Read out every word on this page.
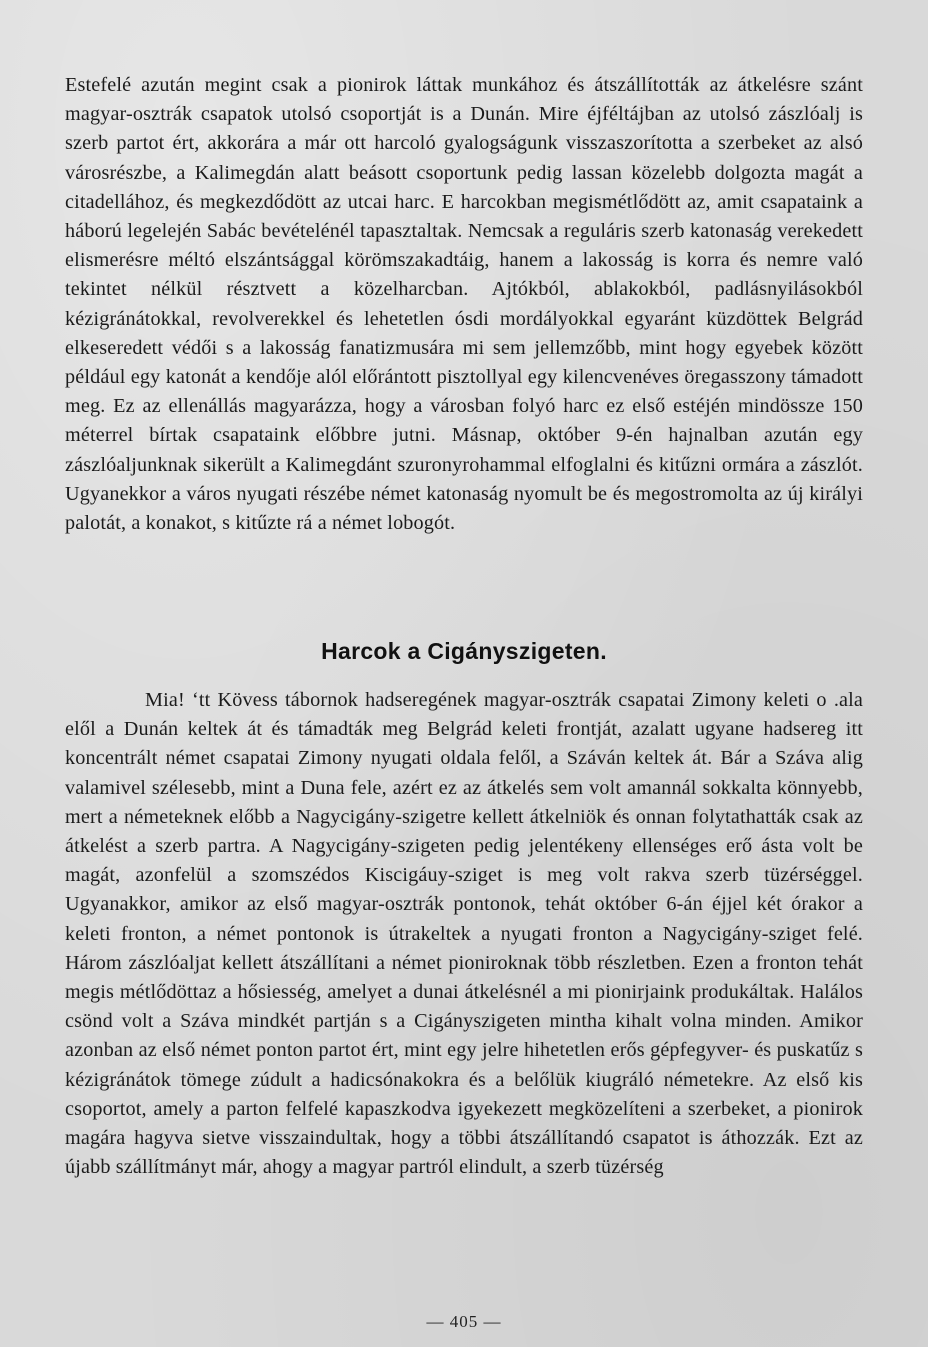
Estefelé azután megint csak a pionirok láttak munkához és átszállították az átkelésre szánt magyar-osztrák csapatok utolsó csoportját is a Dunán. Mire éjféltájban az utolsó zászlóalj is szerb partot ért, akkorára a már ott harcoló gyalogságunk visszaszorította a szerbeket az alsó városrészbe, a Kalimegdán alatt beásott csoportunk pedig lassan közelebb dolgozta magát a citadellához, és megkezdődött az utcai harc. E harcokban megismétlődött az, amit csapataink a háború legelején Sabác bevételénél tapasztaltak. Nemcsak a reguláris szerb katonaság verekedett elismerésre méltó elszántsággal körömszakadtáig, hanem a lakosság is korra és nemre való tekintet nélkül résztvett a közelharcban. Ajtókból, ablakokból, padlásnyilásokból kézigránátokkal, revolverekkel és lehetetlen ósdi mordályokkal egyaránt küzdöttek Belgrád elkeseredett védői s a lakosság fanatizmusára mi sem jellemzőbb, mint hogy egyebek között például egy katonát a kendője alól előrántott pisztollyal egy kilencvenéves öregasszony támadott meg. Ez az ellenállás magyarázza, hogy a városban folyó harc ez első estéjén mindössze 150 méterrel bírtak csapataink előbbre jutni. Másnap, október 9-én hajnalban azután egy zászlóaljunknak sikerült a Kalimegdánt szuronyrohammal elfoglalni és kitűzni ormára a zászlót. Ugyanekkor a város nyugati részébe német katonaság nyomult be és megostromolta az új királyi palotát, a konakot, s kitűzte rá a német lobogót.

Harcok a Cigányszigeten.

Mia! ‘tt Kövess tábornok hadseregének magyar-osztrák csapatai Zimony keleti o .ala elől a Dunán keltek át és támadták meg Belgrád keleti frontját, azalatt ugyane hadsereg itt koncentrált német csapatai Zimony nyugati oldala felől, a Száván keltek át. Bár a Száva alig valamivel szélesebb, mint a Duna fele, azért ez az átkelés sem volt amannál sokkalta könnyebb, mert a németeknek előbb a Nagycigány-szigetre kellett átkelniök és onnan folytathatták csak az átkelést a szerb partra. A Nagycigány-szigeten pedig jelentékeny ellenséges erő ásta volt be magát, azonfelül a szomszédos Kiscigáuy-sziget is meg volt rakva szerb tüzérséggel. Ugyanakkor, amikor az első magyar-osztrák pontonok, tehát október 6-án éjjel két órakor a keleti fronton, a német pontonok is útrakeltek a nyugati fronton a Nagycigány-sziget felé. Három zászlóaljat kellett átszállítani a német pioniroknak több részletben. Ezen a fronton tehát megis métlődöttaz a hősiesség, amelyet a dunai átkelésnél a mi pionirjaink produkáltak. Halálos csönd volt a Száva mindkét partján s a Cigányszigeten mintha kihalt volna minden. Amikor azonban az első német ponton partot ért, mint egy jelre hihetetlen erős gépfegyver- és puskatűz s kézigránátok tömege zúdult a hadicsónakokra és a belőlük kiugráló németekre. Az első kis csoportot, amely a parton felfelé kapaszkodva igyekezett megközelíteni a szerbeket, a pionirok magára hagyva sietve visszaindultak, hogy a többi átszállítandó csapatot is áthozzák. Ezt az újabb szállítmányt már, ahogy a magyar partról elindult, a szerb tüzérség

— 405 —
